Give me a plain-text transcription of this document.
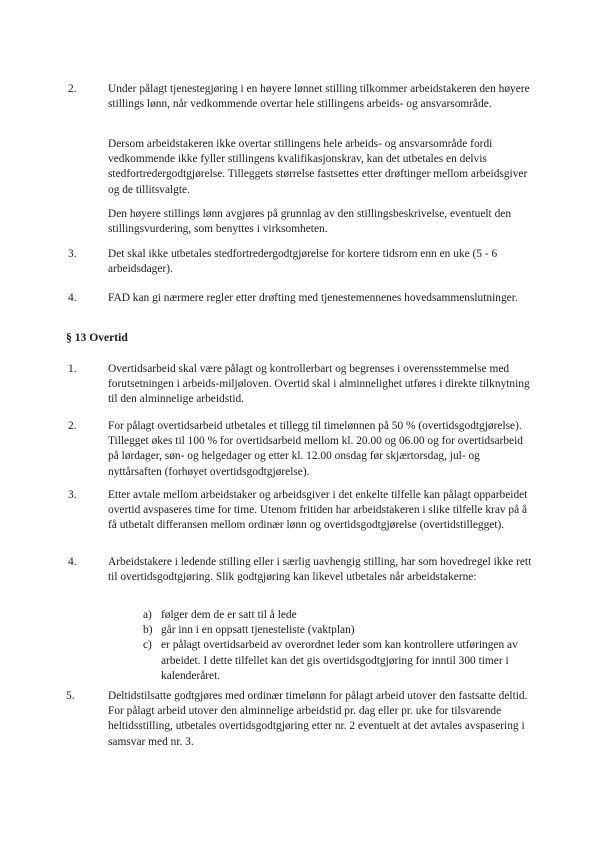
2.	Under pålagt tjenestegjøring i en høyere lønnet stilling tilkommer arbeidstakeren den høyere stillings lønn, når vedkommende overtar hele stillingens arbeids- og ansvarsområde.

Dersom arbeidstakeren ikke overtar stillingens hele arbeids- og ansvarsområde fordi vedkommende ikke fyller stillingens kvalifikasjonskrav, kan det utbetales en delvis stedfortredergodtgjørelse. Tilleggets størrelse fastsettes etter drøftinger mellom arbeidsgiver og de tillitsvalgte.

Den høyere stillings lønn avgjøres på grunnlag av den stillingsbeskrivelse, eventuelt den stillingsvurdering, som benyttes i virksomheten.

3.	Det skal ikke utbetales stedfortredergodtgjørelse for kortere tidsrom enn en uke (5 - 6 arbeidsdager).

4.	FAD kan gi nærmere regler etter drøfting med tjenestemennenes hovedsammenslutninger.

§ 13 Overtid
1.	Overtidsarbeid skal være pålagt og kontrollerbart og begrenses i overensstemmelse med forutsetningen i arbeids-miljøloven. Overtid skal i alminnelighet utføres i direkte tilknytning til den alminnelige arbeidstid.

2.	For pålagt overtidsarbeid utbetales et tillegg til timelønnen på 50 % (overtidsgodtgjørelse). Tillegget økes til 100 % for overtidsarbeid mellom kl. 20.00 og 06.00 og for overtidsarbeid på lørdager, søn- og helgedager og etter kl. 12.00 onsdag før skjærtorsdag, jul- og nyttårsaften (forhøyet overtidsgodtgjørelse).

3.	Etter avtale mellom arbeidstaker og arbeidsgiver i det enkelte tilfelle kan pålagt opparbeidet overtid avspaseres time for time. Utenom fritiden har arbeidstakeren i slike tilfelle krav på å få utbetalt differansen mellom ordinær lønn og overtidsgodtgjørelse (overtidstillegget).

4.	Arbeidstakere i ledende stilling eller i særlig uavhengig stilling, har som hovedregel ikke rett til overtidsgodtgjøring. Slik godtgjøring kan likevel utbetales når arbeidstakerne:

a) følger dem de er satt til å lede
b) går inn i en oppsatt tjenesteliste (vaktplan)
c) er pålagt overtidsarbeid av overordnet leder som kan kontrollere utføringen av arbeidet. I dette tilfellet kan det gis overtidsgodtgjøring for inntil 300 timer i kalenderåret.
5.	Deltidstilsatte godtgjøres med ordinær timelønn for pålagt arbeid utover den fastsatte deltid. For pålagt arbeid utover den alminnelige arbeidstid pr. dag eller pr. uke for tilsvarende heltidsstilling, utbetales overtidsgodtgjøring etter nr. 2 eventuelt at det avtales avspasering i samsvar med nr. 3.
